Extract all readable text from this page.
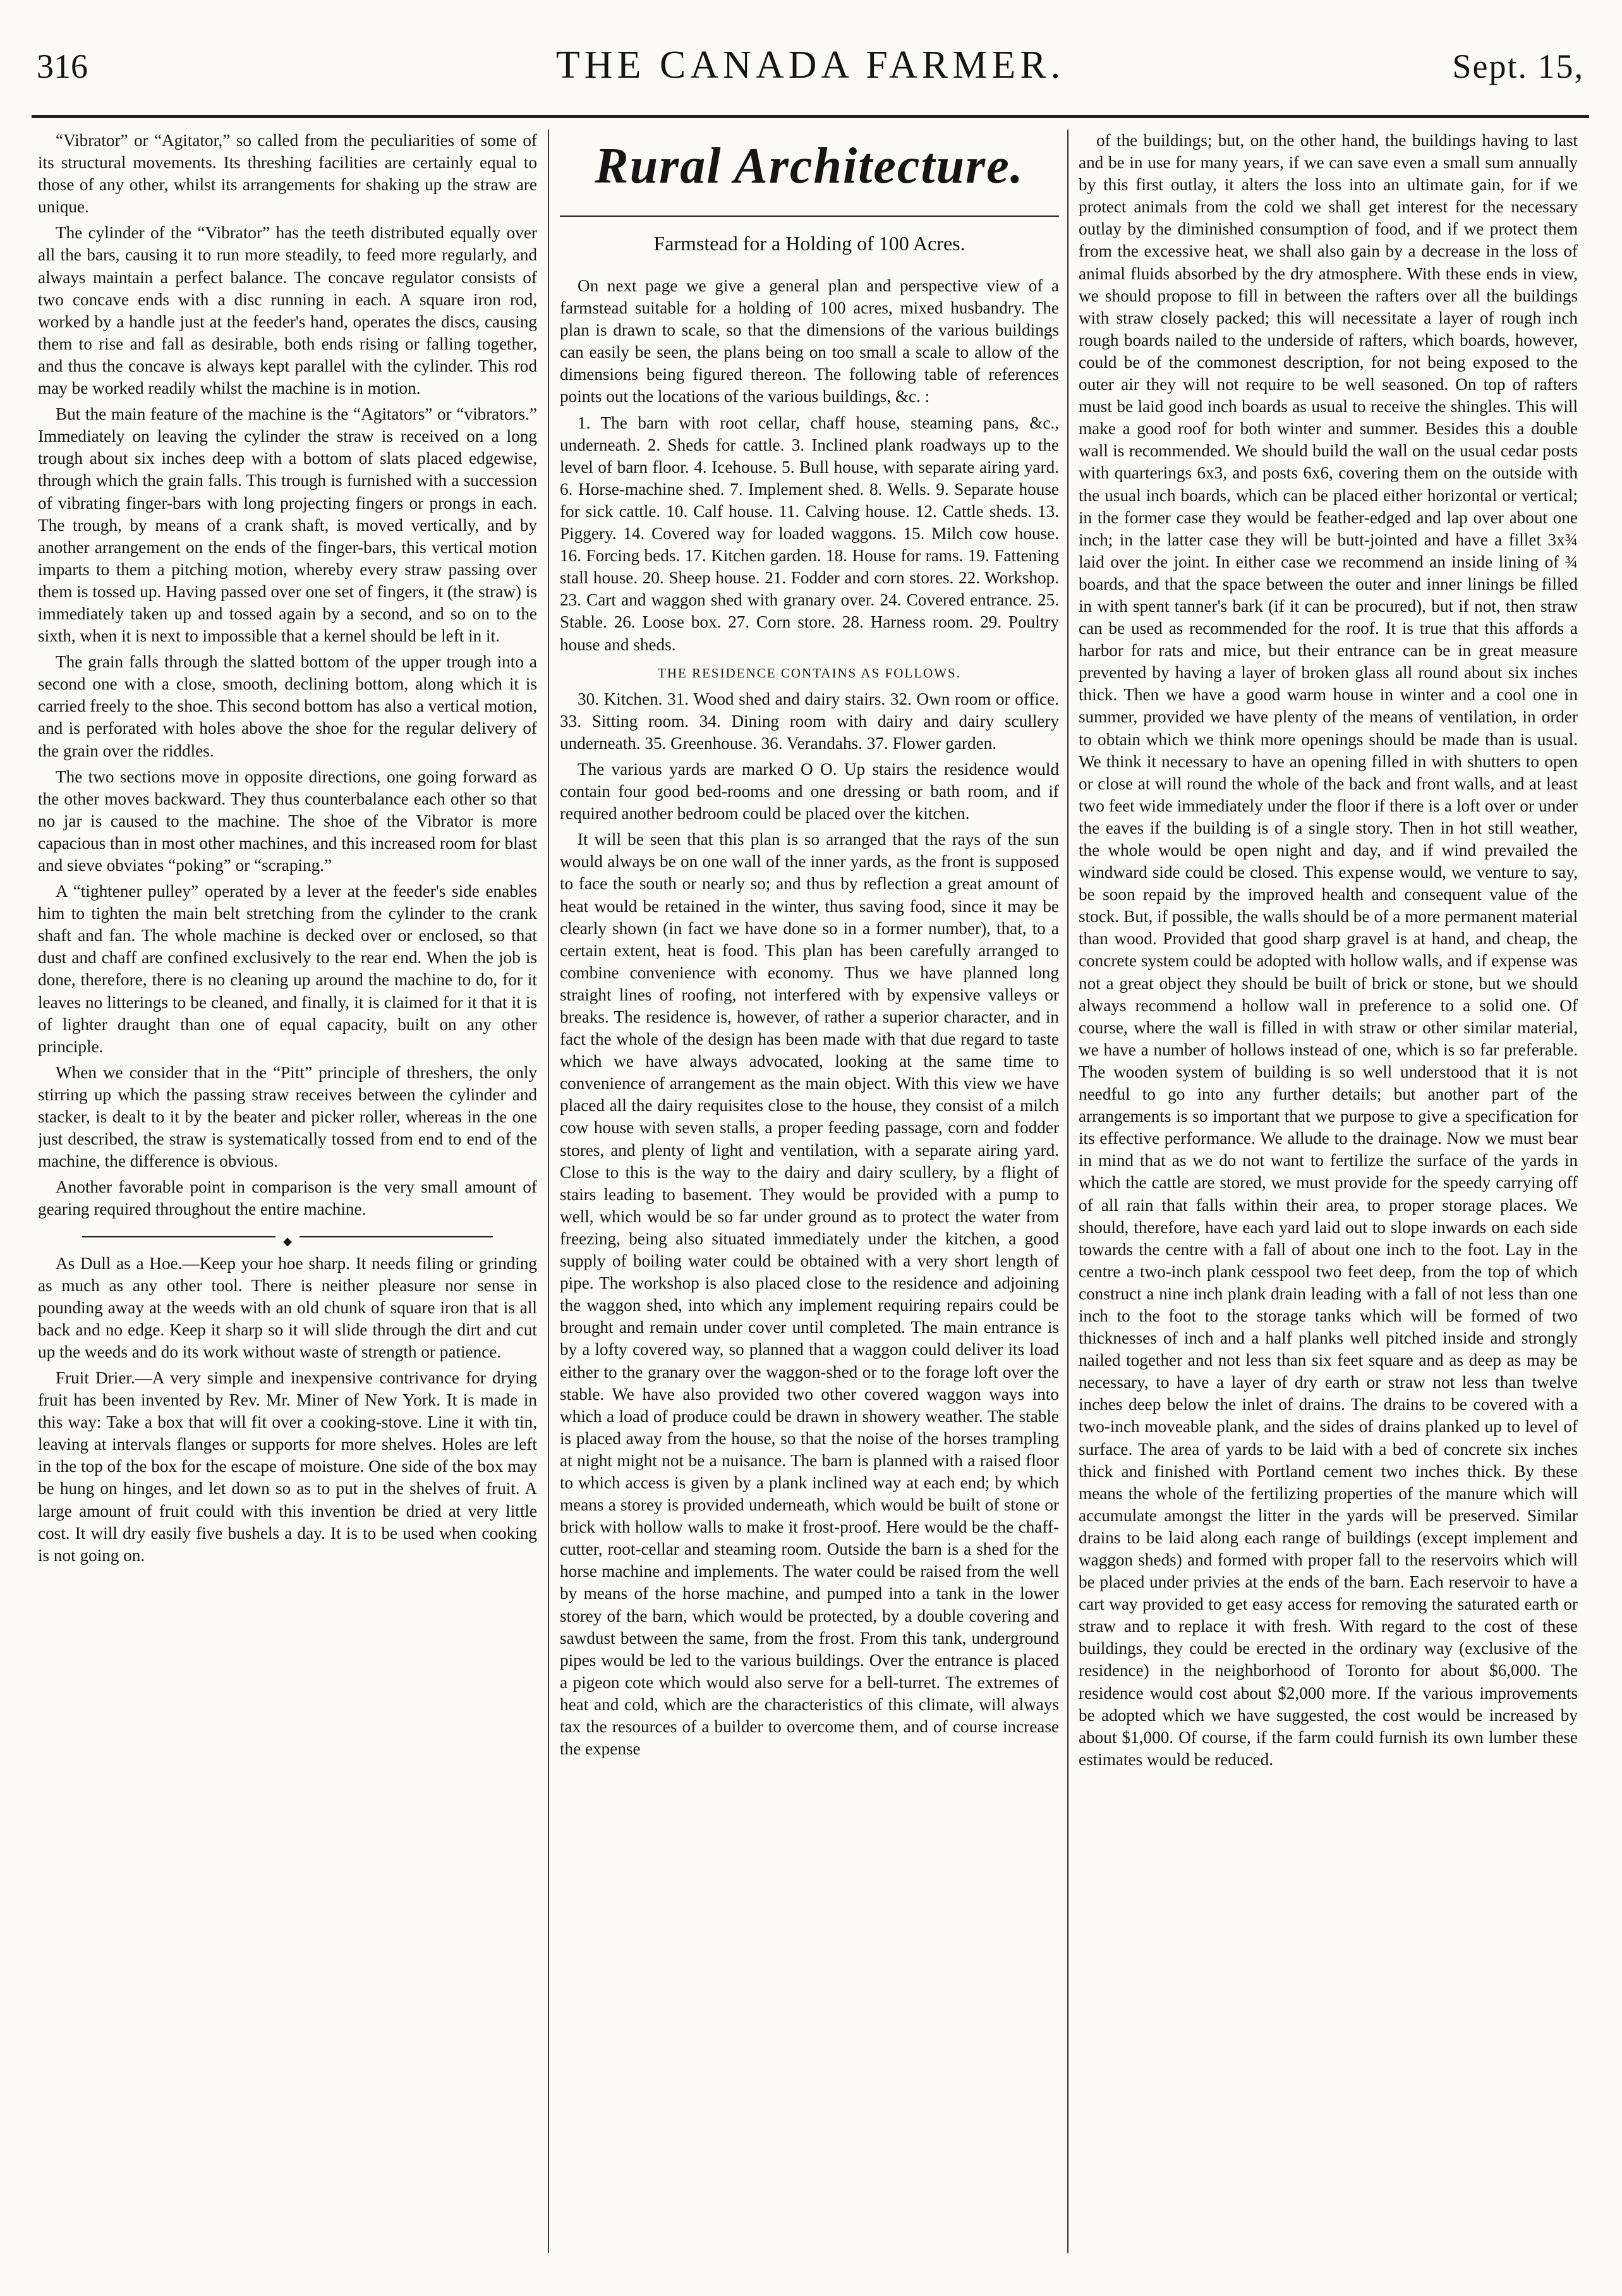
316	THE CANADA FARMER.	Sept. 15,

“Vibrator” or “Agitator,” so called from the peculiarities of some of its structural movements. Its threshing facilities are certainly equal to those of any other, whilst its arrangements for shaking up the straw are unique.

The cylinder of the “Vibrator” has the teeth distributed equally over all the bars, causing it to run more steadily, to feed more regularly, and always maintain a perfect balance. The concave regulator consists of two concave ends with a disc running in each. A square iron rod, worked by a handle just at the feeder's hand, operates the discs, causing them to rise and fall as desirable, both ends rising or falling together, and thus the concave is always kept parallel with the cylinder. This rod may be worked readily whilst the machine is in motion.

But the main feature of the machine is the “Agitators” or “vibrators.” Immediately on leaving the cylinder the straw is received on a long trough about six inches deep with a bottom of slats placed edgewise, through which the grain falls. This trough is furnished with a succession of vibrating finger-bars with long projecting fingers or prongs in each. The trough, by means of a crank shaft, is moved vertically, and by another arrangement on the ends of the finger-bars, this vertical motion imparts to them a pitching motion, whereby every straw passing over them is tossed up. Having passed over one set of fingers, it (the straw) is immediately taken up and tossed again by a second, and so on to the sixth, when it is next to impossible that a kernel should be left in it.

The grain falls through the slatted bottom of the upper trough into a second one with a close, smooth, declining bottom, along which it is carried freely to the shoe. This second bottom has also a vertical motion, and is perforated with holes above the shoe for the regular delivery of the grain over the riddles.

The two sections move in opposite directions, one going forward as the other moves backward. They thus counterbalance each other so that no jar is caused to the machine. The shoe of the Vibrator is more capacious than in most other machines, and this increased room for blast and sieve obviates “poking” or “scraping.”

A “tightener pulley” operated by a lever at the feeder's side enables him to tighten the main belt stretching from the cylinder to the crank shaft and fan. The whole machine is decked over or enclosed, so that dust and chaff are confined exclusively to the rear end. When the job is done, therefore, there is no cleaning up around the machine to do, for it leaves no litterings to be cleaned, and finally, it is claimed for it that it is of lighter draught than one of equal capacity, built on any other principle.

When we consider that in the “Pitt” principle of threshers, the only stirring up which the passing straw receives between the cylinder and stacker, is dealt to it by the beater and picker roller, whereas in the one just described, the straw is systematically tossed from end to end of the machine, the difference is obvious.

Another favorable point in comparison is the very small amount of gearing required throughout the entire machine.

◆

As Dull as a Hoe.—Keep your hoe sharp. It needs filing or grinding as much as any other tool. There is neither pleasure nor sense in pounding away at the weeds with an old chunk of square iron that is all back and no edge. Keep it sharp so it will slide through the dirt and cut up the weeds and do its work without waste of strength or patience.

Fruit Drier.—A very simple and inexpensive contrivance for drying fruit has been invented by Rev. Mr. Miner of New York. It is made in this way: Take a box that will fit over a cooking-stove. Line it with tin, leaving at intervals flanges or supports for more shelves. Holes are left in the top of the box for the escape of moisture. One side of the box may be hung on hinges, and let down so as to put in the shelves of fruit. A large amount of fruit could with this invention be dried at very little cost. It will dry easily five bushels a day. It is to be used when cooking is not going on.

Rural Architecture.
Farmstead for a Holding of 100 Acres.

On next page we give a general plan and perspective view of a farmstead suitable for a holding of 100 acres, mixed husbandry. The plan is drawn to scale, so that the dimensions of the various buildings can easily be seen, the plans being on too small a scale to allow of the dimensions being figured thereon. The following table of references points out the locations of the various buildings, &c. :

1. The barn with root cellar, chaff house, steaming pans, &c., underneath. 2. Sheds for cattle. 3. Inclined plank roadways up to the level of barn floor. 4. Icehouse. 5. Bull house, with separate airing yard. 6. Horse-machine shed. 7. Implement shed. 8. Wells. 9. Separate house for sick cattle. 10. Calf house. 11. Calving house. 12. Cattle sheds. 13. Piggery. 14. Covered way for loaded waggons. 15. Milch cow house. 16. Forcing beds. 17. Kitchen garden. 18. House for rams. 19. Fattening stall house. 20. Sheep house. 21. Fodder and corn stores. 22. Workshop. 23. Cart and waggon shed with granary over. 24. Covered entrance. 25. Stable. 26. Loose box. 27. Corn store. 28. Harness room. 29. Poultry house and sheds.

THE RESIDENCE CONTAINS AS FOLLOWS.

30. Kitchen. 31. Wood shed and dairy stairs. 32. Own room or office. 33. Sitting room. 34. Dining room with dairy and dairy scullery underneath. 35. Greenhouse. 36. Verandahs. 37. Flower garden.

The various yards are marked O O. Up stairs the residence would contain four good bed-rooms and one dressing or bath room, and if required another bedroom could be placed over the kitchen.

It will be seen that this plan is so arranged that the rays of the sun would always be on one wall of the inner yards, as the front is supposed to face the south or nearly so; and thus by reflection a great amount of heat would be retained in the winter, thus saving food, since it may be clearly shown (in fact we have done so in a former number), that, to a certain extent, heat is food. This plan has been carefully arranged to combine convenience with economy. Thus we have planned long straight lines of roofing, not interfered with by expensive valleys or breaks. The residence is, however, of rather a superior character, and in fact the whole of the design has been made with that due regard to taste which we have always advocated, looking at the same time to convenience of arrangement as the main object. With this view we have placed all the dairy requisites close to the house, they consist of a milch cow house with seven stalls, a proper feeding passage, corn and fodder stores, and plenty of light and ventilation, with a separate airing yard. Close to this is the way to the dairy and dairy scullery, by a flight of stairs leading to basement. They would be provided with a pump to well, which would be so far under ground as to protect the water from freezing, being also situated immediately under the kitchen, a good supply of boiling water could be obtained with a very short length of pipe. The workshop is also placed close to the residence and adjoining the waggon shed, into which any implement requiring repairs could be brought and remain under cover until completed. The main entrance is by a lofty covered way, so planned that a waggon could deliver its load either to the granary over the waggon-shed or to the forage loft over the stable. We have also provided two other covered waggon ways into which a load of produce could be drawn in showery weather. The stable is placed away from the house, so that the noise of the horses trampling at night might not be a nuisance. The barn is planned with a raised floor to which access is given by a plank inclined way at each end; by which means a storey is provided underneath, which would be built of stone or brick with hollow walls to make it frost-proof. Here would be the chaff-cutter, root-cellar and steaming room. Outside the barn is a shed for the horse machine and implements. The water could be raised from the well by means of the horse machine, and pumped into a tank in the lower storey of the barn, which would be protected, by a double covering and sawdust between the same, from the frost. From this tank, underground pipes would be led to the various buildings. Over the entrance is placed a pigeon cote which would also serve for a bell-turret. The extremes of heat and cold, which are the characteristics of this climate, will always tax the resources of a builder to overcome them, and of course increase the expense

of the buildings; but, on the other hand, the buildings having to last and be in use for many years, if we can save even a small sum annually by this first outlay, it alters the loss into an ultimate gain, for if we protect animals from the cold we shall get interest for the necessary outlay by the diminished consumption of food, and if we protect them from the excessive heat, we shall also gain by a decrease in the loss of animal fluids absorbed by the dry atmosphere. With these ends in view, we should propose to fill in between the rafters over all the buildings with straw closely packed; this will necessitate a layer of rough inch rough boards nailed to the underside of rafters, which boards, however, could be of the commonest description, for not being exposed to the outer air they will not require to be well seasoned. On top of rafters must be laid good inch boards as usual to receive the shingles. This will make a good roof for both winter and summer. Besides this a double wall is recommended. We should build the wall on the usual cedar posts with quarterings 6x3, and posts 6x6, covering them on the outside with the usual inch boards, which can be placed either horizontal or vertical; in the former case they would be feather-edged and lap over about one inch; in the latter case they will be butt-jointed and have a fillet 3x¾ laid over the joint. In either case we recommend an inside lining of ¾ boards, and that the space between the outer and inner linings be filled in with spent tanner's bark (if it can be procured), but if not, then straw can be used as recommended for the roof. It is true that this affords a harbor for rats and mice, but their entrance can be in great measure prevented by having a layer of broken glass all round about six inches thick. Then we have a good warm house in winter and a cool one in summer, provided we have plenty of the means of ventilation, in order to obtain which we think more openings should be made than is usual. We think it necessary to have an opening filled in with shutters to open or close at will round the whole of the back and front walls, and at least two feet wide immediately under the floor if there is a loft over or under the eaves if the building is of a single story. Then in hot still weather, the whole would be open night and day, and if wind prevailed the windward side could be closed. This expense would, we venture to say, be soon repaid by the improved health and consequent value of the stock. But, if possible, the walls should be of a more permanent material than wood. Provided that good sharp gravel is at hand, and cheap, the concrete system could be adopted with hollow walls, and if expense was not a great object they should be built of brick or stone, but we should always recommend a hollow wall in preference to a solid one. Of course, where the wall is filled in with straw or other similar material, we have a number of hollows instead of one, which is so far preferable. The wooden system of building is so well understood that it is not needful to go into any further details; but another part of the arrangements is so important that we purpose to give a specification for its effective performance. We allude to the drainage. Now we must bear in mind that as we do not want to fertilize the surface of the yards in which the cattle are stored, we must provide for the speedy carrying off of all rain that falls within their area, to proper storage places. We should, therefore, have each yard laid out to slope inwards on each side towards the centre with a fall of about one inch to the foot. Lay in the centre a two-inch plank cesspool two feet deep, from the top of which construct a nine inch plank drain leading with a fall of not less than one inch to the foot to the storage tanks which will be formed of two thicknesses of inch and a half planks well pitched inside and strongly nailed together and not less than six feet square and as deep as may be necessary, to have a layer of dry earth or straw not less than twelve inches deep below the inlet of drains. The drains to be covered with a two-inch moveable plank, and the sides of drains planked up to level of surface. The area of yards to be laid with a bed of concrete six inches thick and finished with Portland cement two inches thick. By these means the whole of the fertilizing properties of the manure which will accumulate amongst the litter in the yards will be preserved. Similar drains to be laid along each range of buildings (except implement and waggon sheds) and formed with proper fall to the reservoirs which will be placed under privies at the ends of the barn. Each reservoir to have a cart way provided to get easy access for removing the saturated earth or straw and to replace it with fresh. With regard to the cost of these buildings, they could be erected in the ordinary way (exclusive of the residence) in the neighborhood of Toronto for about $6,000. The residence would cost about $2,000 more. If the various improvements be adopted which we have suggested, the cost would be increased by about $1,000. Of course, if the farm could furnish its own lumber these estimates would be reduced.
